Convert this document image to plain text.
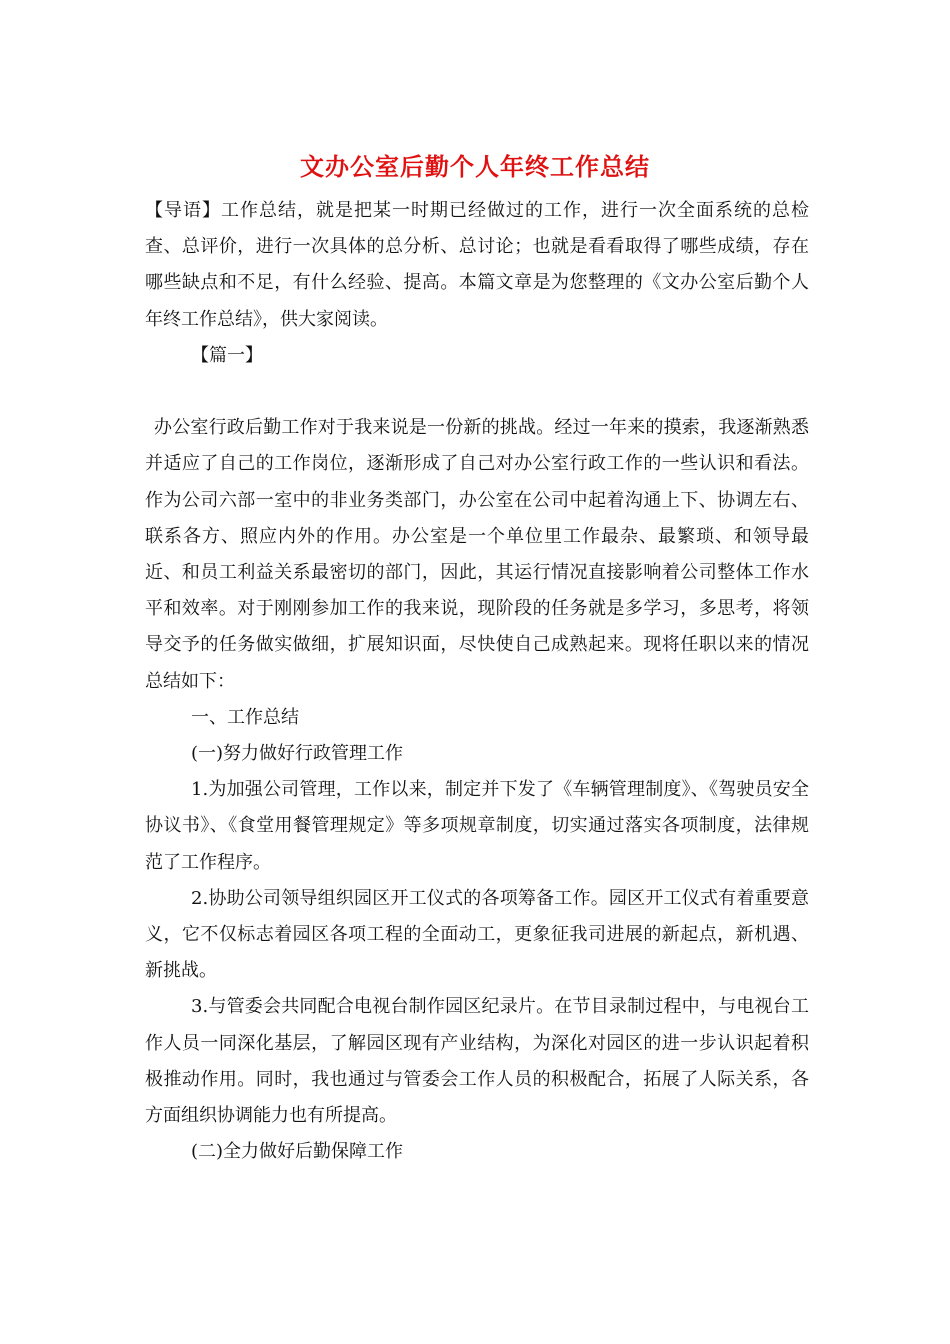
文办公室后勤个人年终工作总结

【导语】工作总结，就是把某一时期已经做过的工作，进行一次全面系统的总检查、总评价，进行一次具体的总分析、总讨论；也就是看看取得了哪些成绩，存在哪些缺点和不足，有什么经验、提高。本篇文章是为您整理的《文办公室后勤个人年终工作总结》，供大家阅读。

【篇一】

办公室行政后勤工作对于我来说是一份新的挑战。经过一年来的摸索，我逐渐熟悉并适应了自己的工作岗位，逐渐形成了自己对办公室行政工作的一些认识和看法。作为公司六部一室中的非业务类部门，办公室在公司中起着沟通上下、协调左右、联系各方、照应内外的作用。办公室是一个单位里工作最杂、最繁琐、和领导最近、和员工利益关系最密切的部门，因此，其运行情况直接影响着公司整体工作水平和效率。对于刚刚参加工作的我来说，现阶段的任务就是多学习，多思考，将领导交予的任务做实做细，扩展知识面，尽快使自己成熟起来。现将任职以来的情况总结如下：

一、工作总结

(一)努力做好行政管理工作

1.为加强公司管理，工作以来，制定并下发了《车辆管理制度》、《驾驶员安全协议书》、《食堂用餐管理规定》等多项规章制度，切实通过落实各项制度，法律规范了工作程序。

2.协助公司领导组织园区开工仪式的各项筹备工作。园区开工仪式有着重要意义，它不仅标志着园区各项工程的全面动工，更象征我司进展的新起点，新机遇、新挑战。

3.与管委会共同配合电视台制作园区纪录片。在节目录制过程中，与电视台工作人员一同深化基层，了解园区现有产业结构，为深化对园区的进一步认识起着积极推动作用。同时，我也通过与管委会工作人员的积极配合，拓展了人际关系，各方面组织协调能力也有所提高。

(二)全力做好后勤保障工作
